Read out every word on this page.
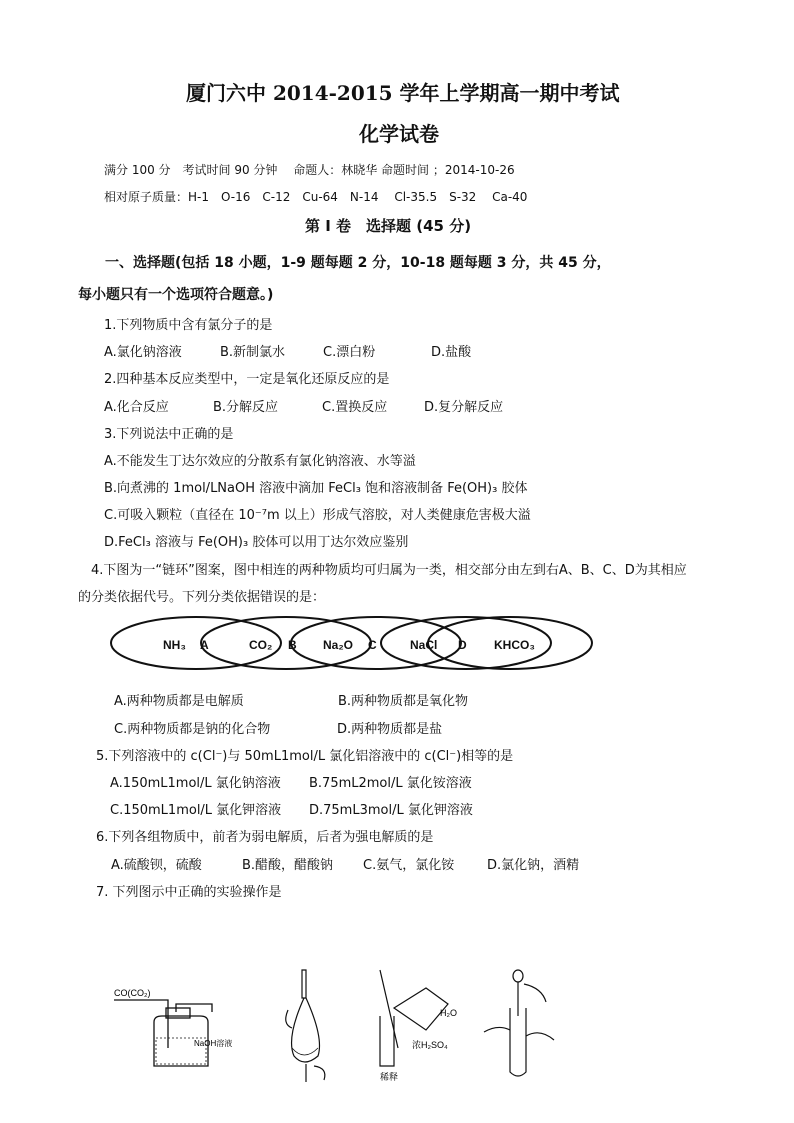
厦门六中 2014-2015 学年上学期高一期中考试
化学试卷
满分 100 分　考试时间 90 分钟　 命题人：林晓华 命题时间 ；2014-10-26
相对原子质量：H-1　O-16　C-12　Cu-64　N-14　 Cl-35.5　S-32　 Ca-40
第 I 卷　选择题 (45 分)
一、选择题(包括 18 小题，1-9 题每题 2 分，10-18 题每题 3 分，共 45 分，
每小题只有一个选项符合题意。)
1.下列物质中含有氯分子的是
A.氯化钠溶液	B.新制氯水	C.漂白粉	D.盐酸
2.四种基本反应类型中，一定是氧化还原反应的是
A.化合反应	B.分解反应	C.置换反应	D.复分解反应
3.下列说法中正确的是
A.不能发生丁达尔效应的分散系有氯化钠溶液、水等溢
B.向煮沸的 1mol/LNaOH 溶液中滴加 FeCl₃ 饱和溶液制备 Fe(OH)₃ 胶体
C.可吸入颗粒（直径在 10⁻⁷m 以上）形成气溶胶，对人类健康危害极大溢
D.FeCl₃ 溶液与 Fe(OH)₃ 胶体可以用丁达尔效应鉴别
4.下图为一“链环”图案，图中相连的两种物质均可归属为一类，相交部分由左到右A、B、C、D为其相应
的分类依据代号。下列分类依据错误的是：
NH₃	CO₂	Na₂O	NaCl	KHCO₃
A	B	C	D
A.两种物质都是电解质	B.两种物质都是氧化物
C.两种物质都是钠的化合物	D.两种物质都是盐
5.下列溶液中的 c(Cl⁻)与 50mL1mol/L 氯化铝溶液中的 c(Cl⁻)相等的是
A.150mL1mol/L 氯化钠溶液 B.75mL2mol/L 氯化铵溶液
C.150mL1mol/L 氯化钾溶液 D.75mL3mol/L 氯化钾溶液
6.下列各组物质中，前者为弱电解质，后者为强电解质的是
A.硫酸钡，硫酸	B.醋酸，醋酸钠 C.氨气，氯化铵	D.氯化钠，酒精
7. 下列图示中正确的实验操作是
CO(CO₂)
NaOH溶液
H₂O
浓H₂SO₄
稀释
